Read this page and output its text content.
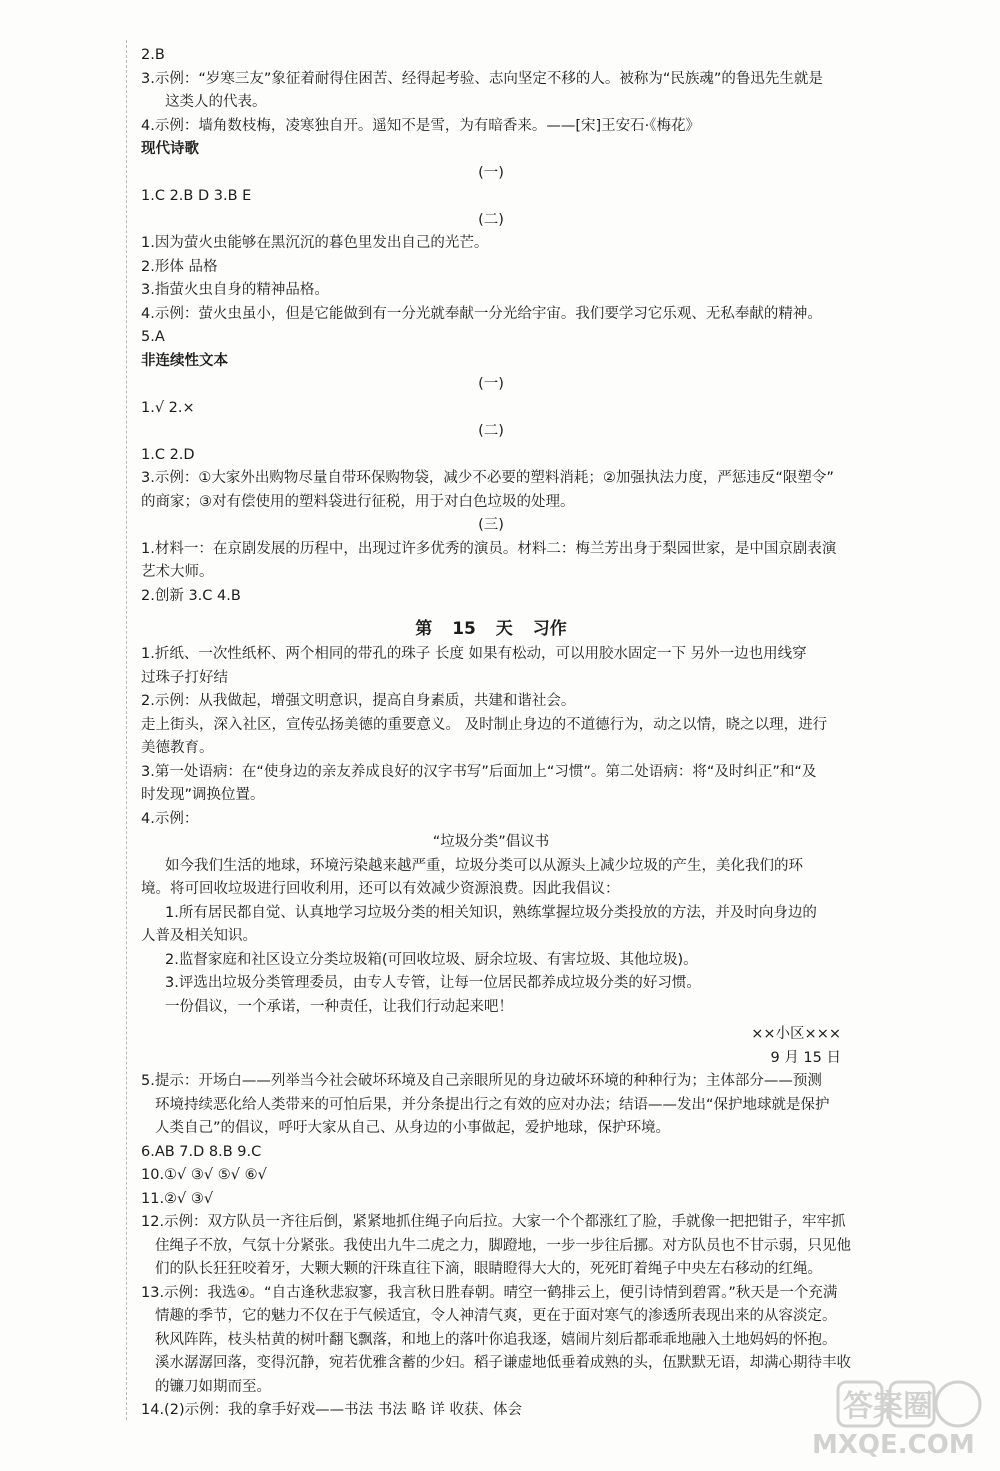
2.B
3.示例：“岁寒三友”象征着耐得住困苦、经得起考验、志向坚定不移的人。被称为“民族魂”的鲁迅先生就是
这类人的代表。
4.示例：墙角数枝梅，凌寒独自开。遥知不是雪，为有暗香来。——[宋]王安石·《梅花》
现代诗歌
(一)
1.C 2.B D 3.B E
(二)
1.因为萤火虫能够在黑沉沉的暮色里发出自己的光芒。
2.形体 品格
3.指萤火虫自身的精神品格。
4.示例：萤火虫虽小，但是它能做到有一分光就奉献一分光给宇宙。我们要学习它乐观、无私奉献的精神。
5.A
非连续性文本
(一)
1.√ 2.×
(二)
1.C 2.D
3.示例：①大家外出购物尽量自带环保购物袋，减少不必要的塑料消耗；②加强执法力度，严惩违反“限塑令”
的商家；③对有偿使用的塑料袋进行征税，用于对白色垃圾的处理。
(三)
1.材料一：在京剧发展的历程中，出现过许多优秀的演员。材料二：梅兰芳出身于梨园世家，是中国京剧表演
艺术大师。
2.创新 3.C 4.B
第 15 天 习作
1.折纸、一次性纸杯、两个相同的带孔的珠子 长度 如果有松动，可以用胶水固定一下 另外一边也用线穿
过珠子打好结
2.示例：从我做起，增强文明意识，提高自身素质，共建和谐社会。
走上街头，深入社区，宣传弘扬美德的重要意义。 及时制止身边的不道德行为，动之以情，晓之以理，进行
美德教育。
3.第一处语病：在“使身边的亲友养成良好的汉字书写”后面加上“习惯”。第二处语病：将“及时纠正”和“及
时发现”调换位置。
4.示例：
“垃圾分类”倡议书
如今我们生活的地球，环境污染越来越严重，垃圾分类可以从源头上减少垃圾的产生，美化我们的环
境。将可回收垃圾进行回收利用，还可以有效减少资源浪费。因此我倡议：
1.所有居民都自觉、认真地学习垃圾分类的相关知识，熟练掌握垃圾分类投放的方法，并及时向身边的
人普及相关知识。
2.监督家庭和社区设立分类垃圾箱(可回收垃圾、厨余垃圾、有害垃圾、其他垃圾)。
3.评选出垃圾分类管理委员，由专人专管，让每一位居民都养成垃圾分类的好习惯。
一份倡议，一个承诺，一种责任，让我们行动起来吧！
××小区×××
9 月 15 日
5.提示：开场白——列举当今社会破坏环境及自己亲眼所见的身边破坏环境的种种行为；主体部分——预测
环境持续恶化给人类带来的可怕后果，并分条提出行之有效的应对办法；结语——发出“保护地球就是保护
人类自己”的倡议，呼吁大家从自己、从身边的小事做起，爱护地球，保护环境。
6.AB 7.D 8.B 9.C
10.①√ ③√ ⑤√ ⑥√
11.②√ ③√
12.示例：双方队员一齐往后倒，紧紧地抓住绳子向后拉。大家一个个都涨红了脸，手就像一把把钳子，牢牢抓
住绳子不放，气氛十分紧张。我使出九牛二虎之力，脚蹬地，一步一步往后挪。对方队员也不甘示弱，只见他
们的队长狂狂咬着牙，大颗大颗的汗珠直往下滴，眼睛瞪得大大的，死死盯着绳子中央左右移动的红绳。
13.示例：我选④。“自古逢秋悲寂寥，我言秋日胜春朝。晴空一鹤排云上，便引诗情到碧霄。”秋天是一个充满
情趣的季节，它的魅力不仅在于气候适宜，令人神清气爽，更在于面对寒气的渗透所表现出来的从容淡定。
秋风阵阵，枝头枯黄的树叶翻飞飘落，和地上的落叶你追我逐，嬉闹片刻后都乖乖地融入土地妈妈的怀抱。
溪水潺潺回落，变得沉静，宛若优雅含蓄的少妇。稻子谦虚地低垂着成熟的头，伍默默无语，却满心期待丰收
的镰刀如期而至。
14.(2)示例：我的拿手好戏——书法 书法 略 详 收获、体会	答案圈
MXQE.COM
